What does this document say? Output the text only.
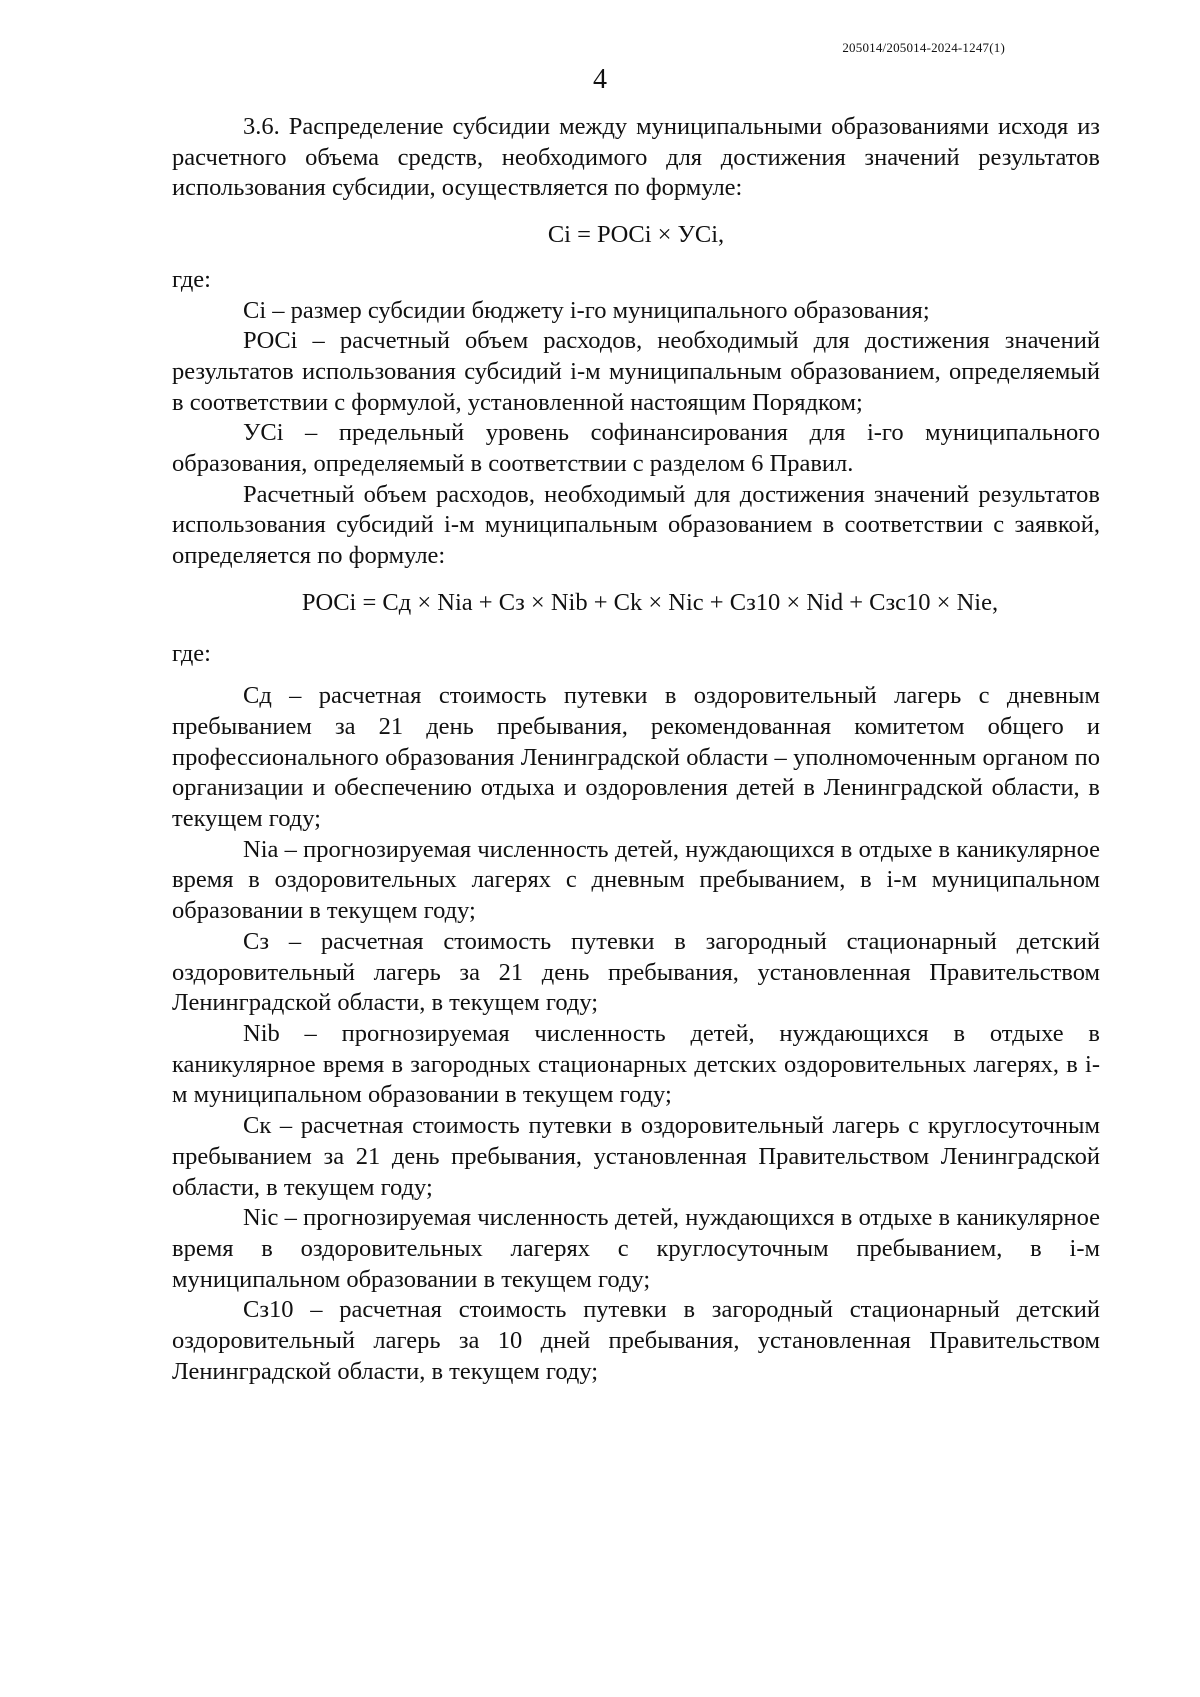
205014/205014-2024-1247(1)
4

3.6. Распределение субсидии между муниципальными образованиями исходя из расчетного объема средств, необходимого для достижения значений результатов использования субсидии, осуществляется по формуле:

Ci = POCi × УCi,

где:

Ci – размер субсидии бюджету i-го муниципального образования;

POCi – расчетный объем расходов, необходимый для достижения значений результатов использования субсидий i-м муниципальным образованием, определяемый в соответствии с формулой, установленной настоящим Порядком;

УCi – предельный уровень софинансирования для i-го муниципального образования, определяемый в соответствии с разделом 6 Правил.

Расчетный объем расходов, необходимый для достижения значений результатов использования субсидий i-м муниципальным образованием в соответствии с заявкой, определяется по формуле:

POCi = Cд × Nia + Cз × Nib + Ck × Nic + Cз10 × Nid + Cзс10 × Nie,

где:

Cд – расчетная стоимость путевки в оздоровительный лагерь с дневным пребыванием за 21 день пребывания, рекомендованная комитетом общего и профессионального образования Ленинградской области – уполномоченным органом по организации и обеспечению отдыха и оздоровления детей в Ленинградской области, в текущем году;

Nia – прогнозируемая численность детей, нуждающихся в отдыхе в каникулярное время в оздоровительных лагерях с дневным пребыванием, в i-м муниципальном образовании в текущем году;

Cз – расчетная стоимость путевки в загородный стационарный детский оздоровительный лагерь за 21 день пребывания, установленная Правительством Ленинградской области, в текущем году;

Nib – прогнозируемая численность детей, нуждающихся в отдыхе в каникулярное время в загородных стационарных детских оздоровительных лагерях, в i-м муниципальном образовании в текущем году;

Cк – расчетная стоимость путевки в оздоровительный лагерь с круглосуточным пребыванием за 21 день пребывания, установленная Правительством Ленинградской области, в текущем году;

Nic – прогнозируемая численность детей, нуждающихся в отдыхе в каникулярное время в оздоровительных лагерях с круглосуточным пребыванием, в i-м муниципальном образовании в текущем году;

Cз10 – расчетная стоимость путевки в загородный стационарный детский оздоровительный лагерь за 10 дней пребывания, установленная Правительством Ленинградской области, в текущем году;
